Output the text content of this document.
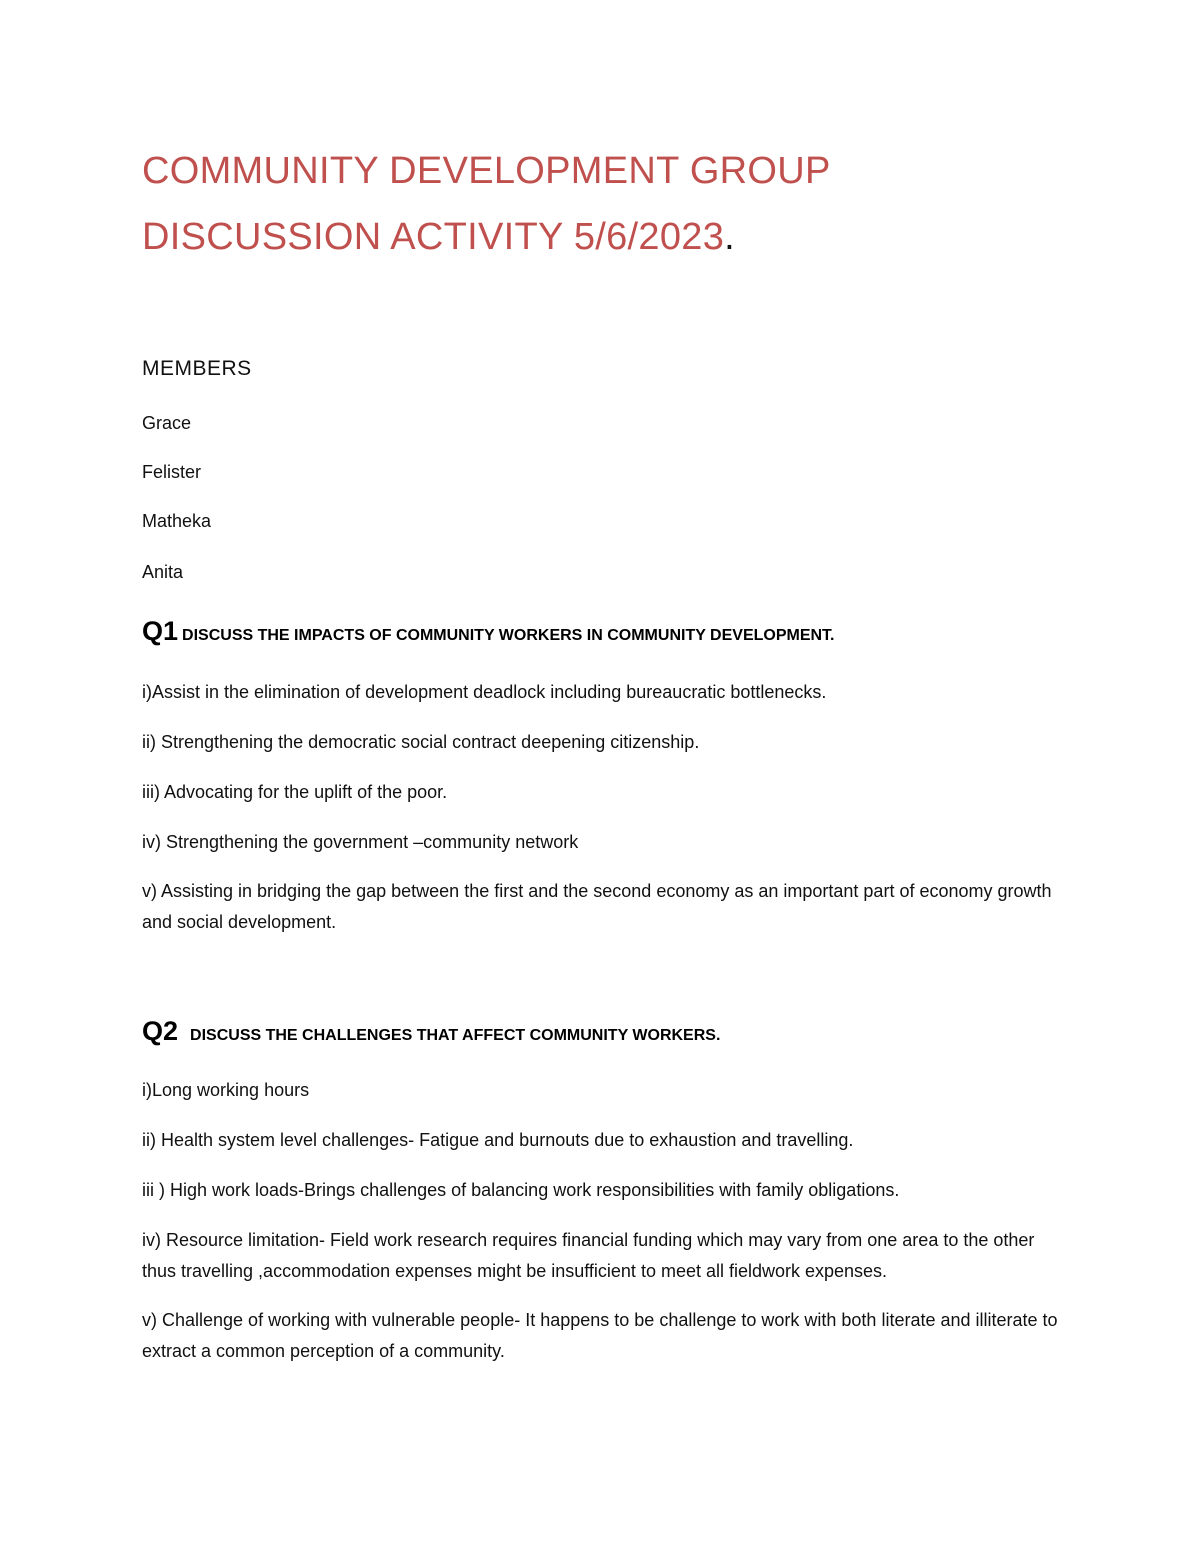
COMMUNITY DEVELOPMENT GROUP
DISCUSSION ACTIVITY 5/6/2023.
MEMBERS
Grace
Felister
Matheka
Anita
Q1 DISCUSS THE IMPACTS OF COMMUNITY WORKERS IN COMMUNITY DEVELOPMENT.
i)Assist in the elimination of development deadlock including bureaucratic bottlenecks.
ii) Strengthening the democratic social contract deepening citizenship.
iii) Advocating for the uplift of the poor.
iv) Strengthening the government –community network
v) Assisting in bridging the gap between the first and the second economy as an important part of economy growth and social development.
Q2 DISCUSS THE CHALLENGES THAT AFFECT COMMUNITY WORKERS.
i)Long working hours
ii) Health system level challenges- Fatigue and burnouts due to exhaustion and travelling.
iii ) High work loads-Brings challenges of balancing work responsibilities with family obligations.
iv) Resource limitation- Field work research requires financial funding which may vary from one area to the other thus travelling ,accommodation expenses might be insufficient to meet all fieldwork expenses.
v) Challenge of working with vulnerable people- It happens to be challenge to work with both literate and illiterate to extract a common perception of a community.
